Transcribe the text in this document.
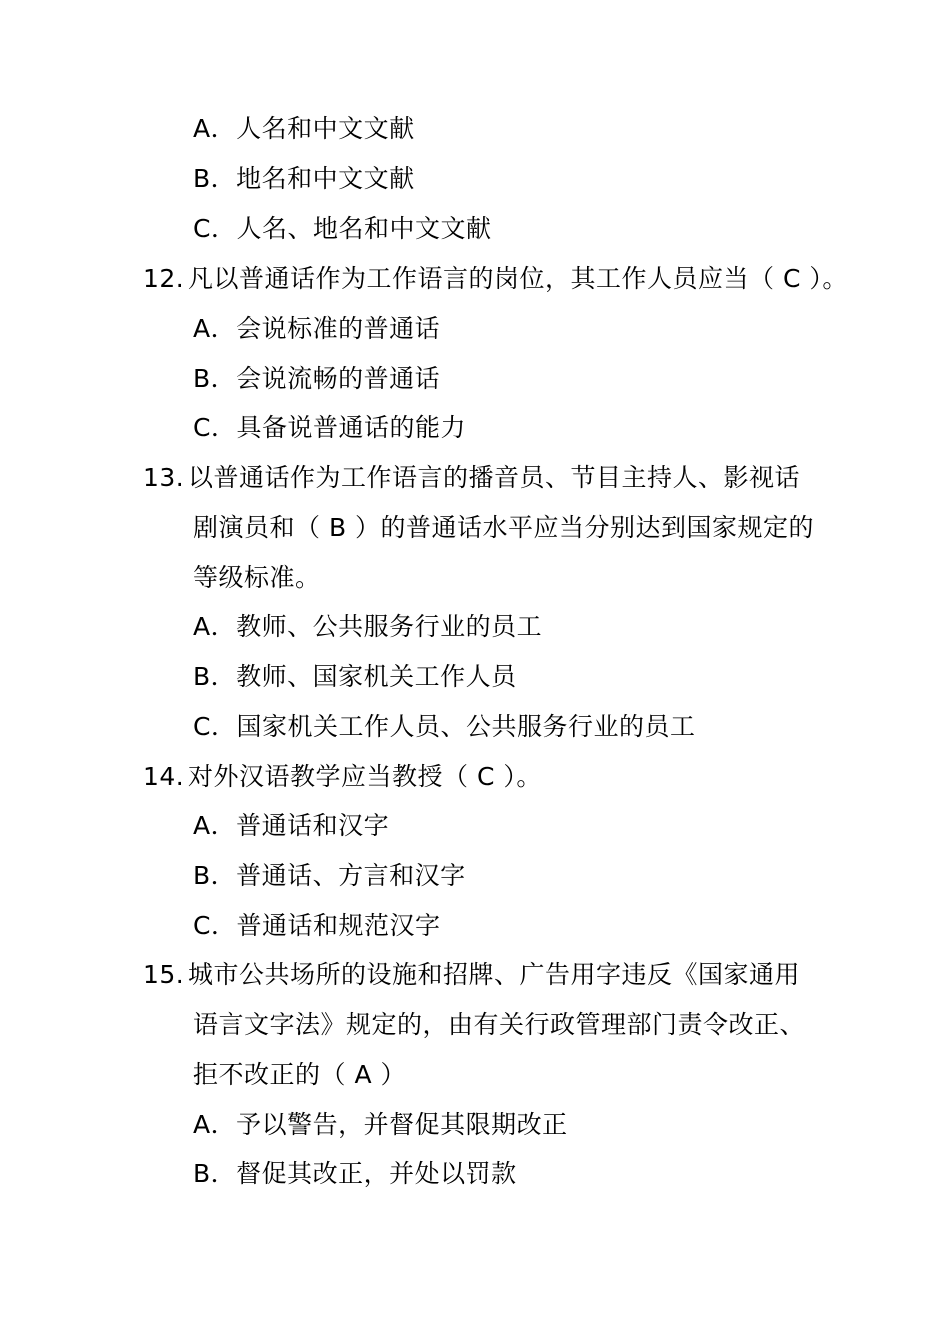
A．人名和中文文献
B．地名和中文文献
C．人名、地名和中文文献
12. 凡以普通话作为工作语言的岗位，其工作人员应当（ C ）。
A．会说标准的普通话
B．会说流畅的普通话
C．具备说普通话的能力
13. 以普通话作为工作语言的播音员、节目主持人、影视话
剧演员和（ B ）的普通话水平应当分别达到国家规定的
等级标准。
A．教师、公共服务行业的员工
B．教师、国家机关工作人员
C．国家机关工作人员、公共服务行业的员工
14. 对外汉语教学应当教授（ C ）。
A．普通话和汉字
B．普通话、方言和汉字
C．普通话和规范汉字
15. 城市公共场所的设施和招牌、广告用字违反《国家通用
语言文字法》规定的，由有关行政管理部门责令改正、
拒不改正的（ A ）
A．予以警告，并督促其限期改正
B．督促其改正，并处以罚款
